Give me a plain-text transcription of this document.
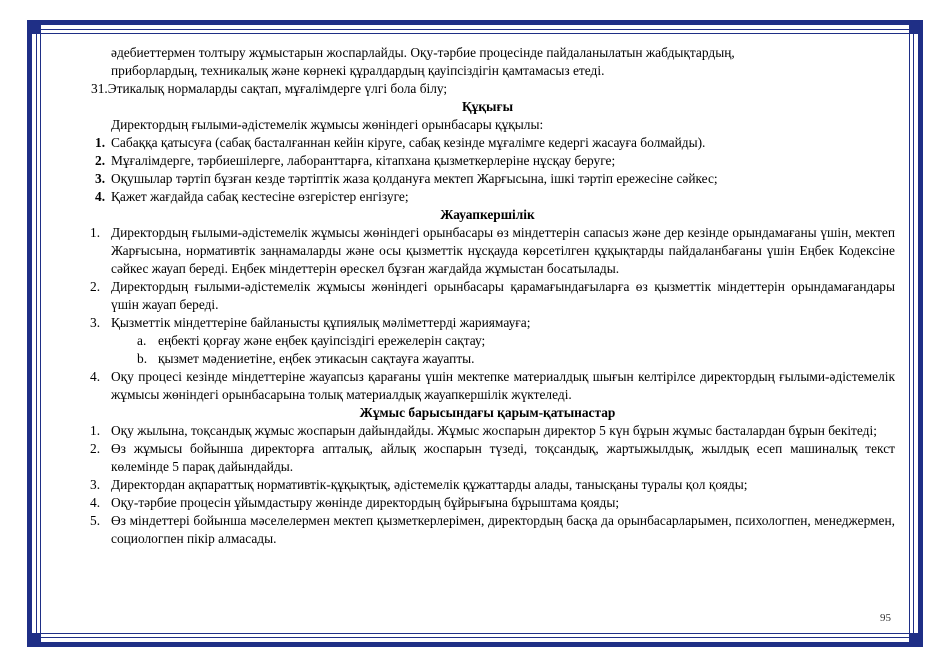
әдебиеттермен толтыру жұмыстарын жоспарлайды. Оқу-тәрбие процесінде пайдаланылатын жабдықтардың,

приборлардың, техникалық және көрнекі құралдардың қауіпсіздігін қамтамасыз етеді.

31. Этикалық нормаларды сақтап, мұғалімдерге үлгі бола білу;

Құқығы

Директордың ғылыми-әдістемелік жұмысы жөніндегі орынбасары құқылы:

1. Сабаққа қатысуға (сабақ басталғаннан кейін кіруге, сабақ кезінде мұғалімге кедергі жасауға болмайды).
2. Мұғалімдерге, тәрбиешілерге, лаборанттарға, кітапхана қызметкерлеріне нұсқау беруге;
3. Оқушылар тәртіп бұзған кезде тәртіптік жаза қолдануға мектеп Жарғысына, ішкі тәртіп ережесіне сәйкес;
4. Қажет жағдайда сабақ кестесіне өзгерістер енгізуге;

Жауапкершілік

1. Директордың ғылыми-әдістемелік жұмысы жөніндегі орынбасары өз міндеттерін сапасыз және дер кезінде орындамағаны үшін, мектеп Жарғысына, нормативтік заңнамаларды және осы қызметтік нұсқауда көрсетілген құқықтарды пайдаланбағаны үшін Еңбек Кодексіне сәйкес жауап береді. Еңбек міндеттерін өрескел бұзған жағдайда жұмыстан босатылады.
2. Директордың ғылыми-әдістемелік жұмысы жөніндегі орынбасары қарамағындағыларға өз қызметтік міндеттерін орындамағандары үшін жауап береді.
3. Қызметтік міндеттеріне байланысты құпиялық мәліметтерді жариямауға;
a. еңбекті қорғау және еңбек қауіпсіздігі ережелерін сақтау;
b. қызмет мәдениетіне, еңбек этикасын сақтауға жауапты.
4. Оқу процесі кезінде міндеттеріне жауапсыз қарағаны үшін мектепке материалдық шығын келтірілсе директордың ғылыми-әдістемелік жұмысы жөніндегі орынбасарына толық материалдық жауапкершілік жүктеледі.

Жұмыс барысындағы қарым-қатынастар

1. Оқу жылына, тоқсандық жұмыс жоспарын дайындайды. Жұмыс жоспарын директор 5 күн бұрын жұмыс басталардан бұрын бекітеді;
2. Өз жұмысы бойынша директорға апталық, айлық жоспарын түзеді, тоқсандық, жартыжылдық, жылдық есеп машиналық текст көлемінде 5 парақ дайындайды.
3. Директордан ақпараттық нормативтік-құқықтық, әдістемелік құжаттарды алады, танысқаны туралы қол қояды;
4. Оқу-тәрбие процесін ұйымдастыру жөнінде директордың бұйрығына бұрыштама қояды;
5. Өз міндеттері бойынша мәселелермен мектеп қызметкерлерімен, директордың басқа да орынбасарларымен, психологпен, менеджермен, социологпен пікір алмасады.
95
